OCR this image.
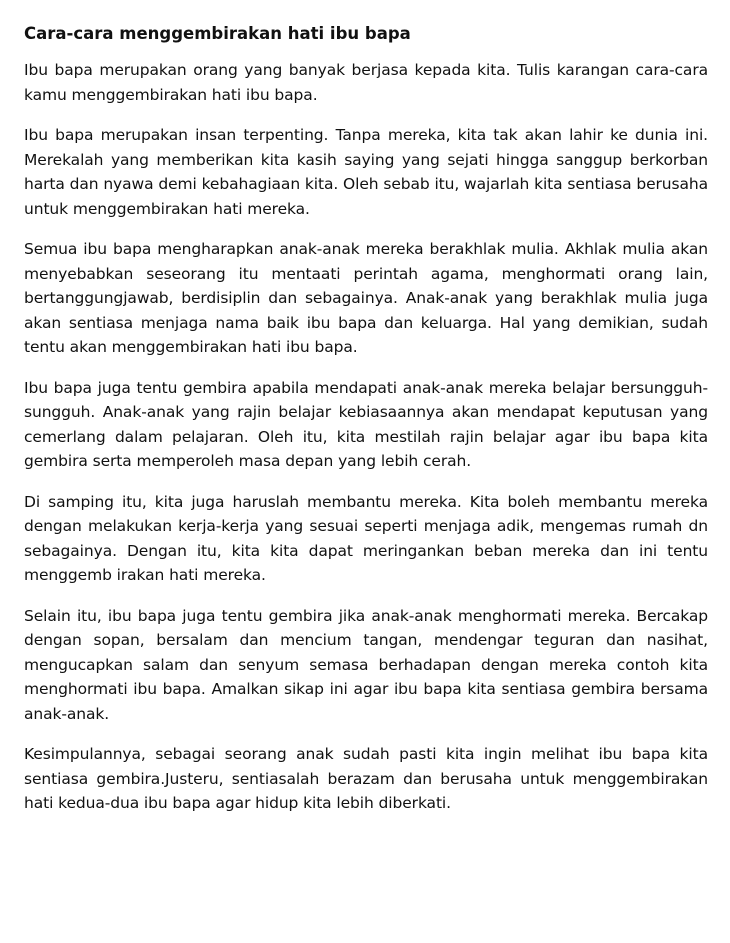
Cara-cara menggembirakan hati ibu bapa

Ibu bapa merupakan orang yang banyak berjasa kepada kita. Tulis karangan cara-cara kamu menggembirakan hati ibu bapa.

Ibu bapa merupakan insan terpenting. Tanpa mereka, kita tak akan lahir ke dunia ini. Merekalah yang memberikan kita kasih saying yang sejati hingga sanggup berkorban harta dan nyawa demi kebahagiaan kita. Oleh sebab itu, wajarlah kita sentiasa berusaha untuk menggembirakan hati mereka.

Semua ibu bapa mengharapkan anak-anak mereka berakhlak mulia. Akhlak mulia akan menyebabkan seseorang itu mentaati perintah agama, menghormati orang lain, bertanggungjawab, berdisiplin dan sebagainya. Anak-anak yang berakhlak mulia juga akan sentiasa menjaga nama baik ibu bapa dan keluarga. Hal yang demikian, sudah tentu akan menggembirakan hati ibu bapa.

Ibu bapa juga tentu gembira apabila mendapati anak-anak mereka belajar bersungguh-sungguh. Anak-anak yang rajin belajar kebiasaannya akan mendapat keputusan yang cemerlang dalam pelajaran. Oleh itu, kita mestilah rajin belajar agar ibu bapa kita gembira serta memperoleh masa depan yang lebih cerah.

Di samping itu, kita juga haruslah membantu mereka. Kita boleh membantu mereka dengan melakukan kerja-kerja yang sesuai seperti menjaga adik, mengemas rumah dn sebagainya. Dengan itu, kita kita dapat meringankan beban mereka dan ini tentu menggemb irakan hati mereka.

Selain itu, ibu bapa juga tentu gembira jika anak-anak menghormati mereka. Bercakap dengan sopan, bersalam dan mencium tangan, mendengar teguran dan nasihat, mengucapkan salam dan senyum semasa berhadapan dengan mereka contoh kita menghormati ibu bapa. Amalkan sikap ini agar ibu bapa kita sentiasa gembira bersama anak-anak.

Kesimpulannya, sebagai seorang anak sudah pasti kita ingin melihat ibu bapa kita sentiasa gembira.Justeru, sentiasalah berazam dan berusaha untuk menggembirakan hati kedua-dua ibu bapa agar hidup kita lebih diberkati.
